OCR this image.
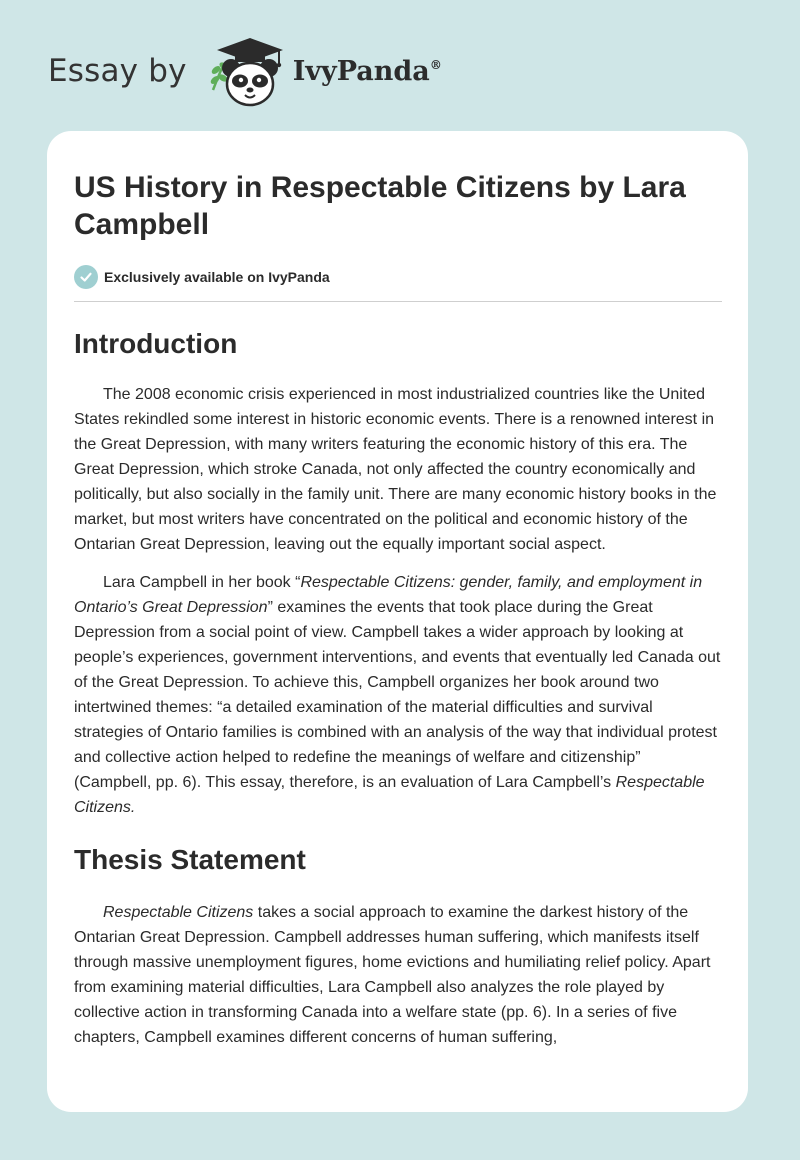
Essay by	IvyPanda®
US History in Respectable Citizens by Lara Campbell
Exclusively available on IvyPanda
Introduction

The 2008 economic crisis experienced in most industrialized countries like the United States rekindled some interest in historic economic events. There is a renowned interest in the Great Depression, with many writers featuring the economic history of this era. The Great Depression, which stroke Canada, not only affected the country economically and politically, but also socially in the family unit. There are many economic history books in the market, but most writers have concentrated on the political and economic history of the Ontarian Great Depression, leaving out the equally important social aspect.

Lara Campbell in her book “Respectable Citizens: gender, family, and employment in Ontario’s Great Depression” examines the events that took place during the Great Depression from a social point of view. Campbell takes a wider approach by looking at people’s experiences, government interventions, and events that eventually led Canada out of the Great Depression. To achieve this, Campbell organizes her book around two intertwined themes: “a detailed examination of the material difficulties and survival strategies of Ontario families is combined with an analysis of the way that individual protest and collective action helped to redefine the meanings of welfare and citizenship” (Campbell, pp. 6). This essay, therefore, is an evaluation of Lara Campbell’s Respectable Citizens.

Thesis Statement

Respectable Citizens takes a social approach to examine the darkest history of the Ontarian Great Depression. Campbell addresses human suffering, which manifests itself through massive unemployment figures, home evictions and humiliating relief policy. Apart from examining material difficulties, Lara Campbell also analyzes the role played by collective action in transforming Canada into a welfare state (pp. 6). In a series of five chapters, Campbell examines different concerns of human suffering,
